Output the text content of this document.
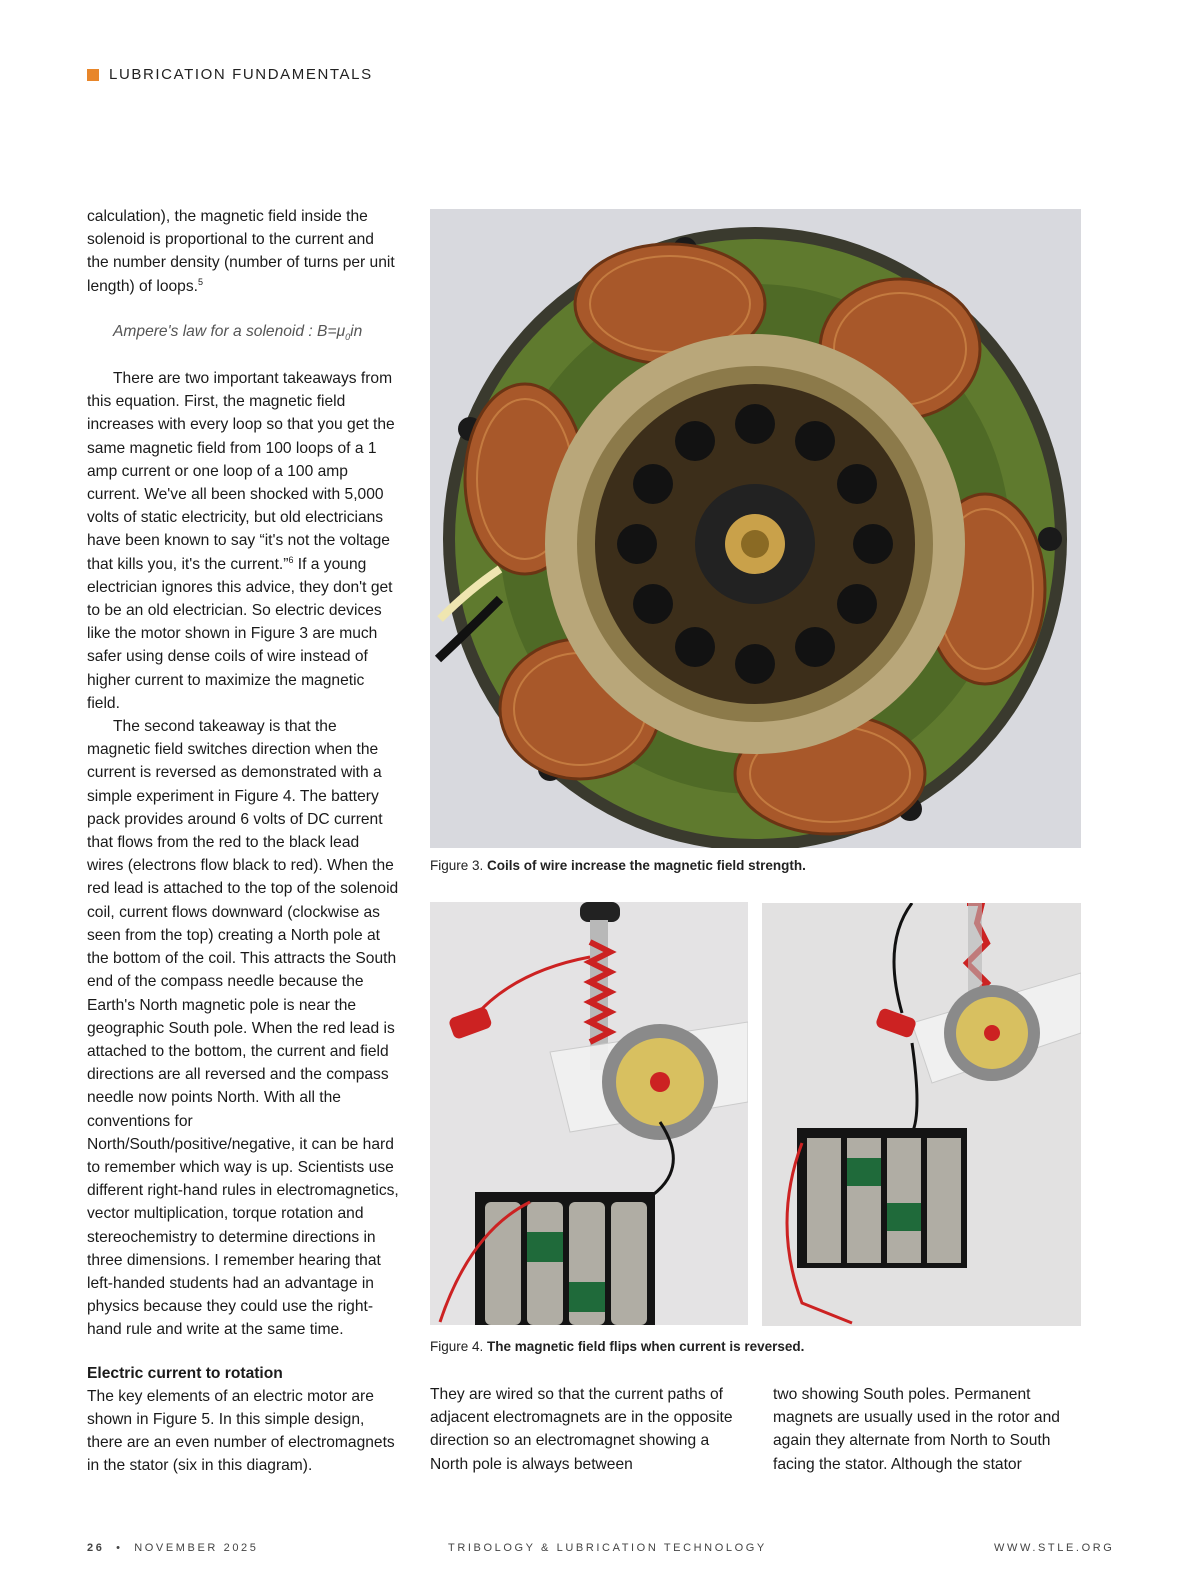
LUBRICATION FUNDAMENTALS

calculation), the magnetic field inside the solenoid is proportional to the current and the number density (number of turns per unit length) of loops.$^5$

Ampere's law for a solenoid : $B=\mu_0in$

There are two important takeaways from this equation. First, the magnetic field increases with every loop so that you get the same magnetic field from 100 loops of a 1 amp current or one loop of a 100 amp current. We've all been shocked with 5,000 volts of static electricity, but old electricians have been known to say “it's not the voltage that kills you, it's the current.”$^6$ If a young electrician ignores this advice, they don't get to be an old electrician. So electric devices like the motor shown in Figure 3 are much safer using dense coils of wire instead of higher current to maximize the magnetic field.

The second takeaway is that the magnetic field switches direction when the current is reversed as demonstrated with a simple experiment in Figure 4. The battery pack provides around 6 volts of DC current that flows from the red to the black lead wires (electrons flow black to red). When the red lead is attached to the top of the solenoid coil, current flows downward (clockwise as seen from the top) creating a North pole at the bottom of the coil. This attracts the South end of the compass needle because the Earth's North magnetic pole is near the geographic South pole. When the red lead is attached to the bottom, the current and field directions are all reversed and the compass needle now points North. With all the conventions for North/South/positive/negative, it can be hard to remember which way is up. Scientists use different right-hand rules in electromagnetics, vector multiplication, torque rotation and stereochemistry to determine directions in three dimensions. I remember hearing that left-handed students had an advantage in physics because they could use the right-hand rule and write at the same time.

Electric current to rotation

The key elements of an electric motor are shown in Figure 5. In this simple design, there are an even number of electromagnets in the stator (six in this diagram).

Figure 3. Coils of wire increase the magnetic field strength.
Figure 4. The magnetic field flips when current is reversed.

They are wired so that the current paths of adjacent electromagnets are in the opposite direction so an electromagnet showing a North pole is always between

two showing South poles. Permanent magnets are usually used in the rotor and again they alternate from North to South facing the stator. Although the stator

26 • NOVEMBER 2025	TRIBOLOGY & LUBRICATION TECHNOLOGY	WWW.STLE.ORG
